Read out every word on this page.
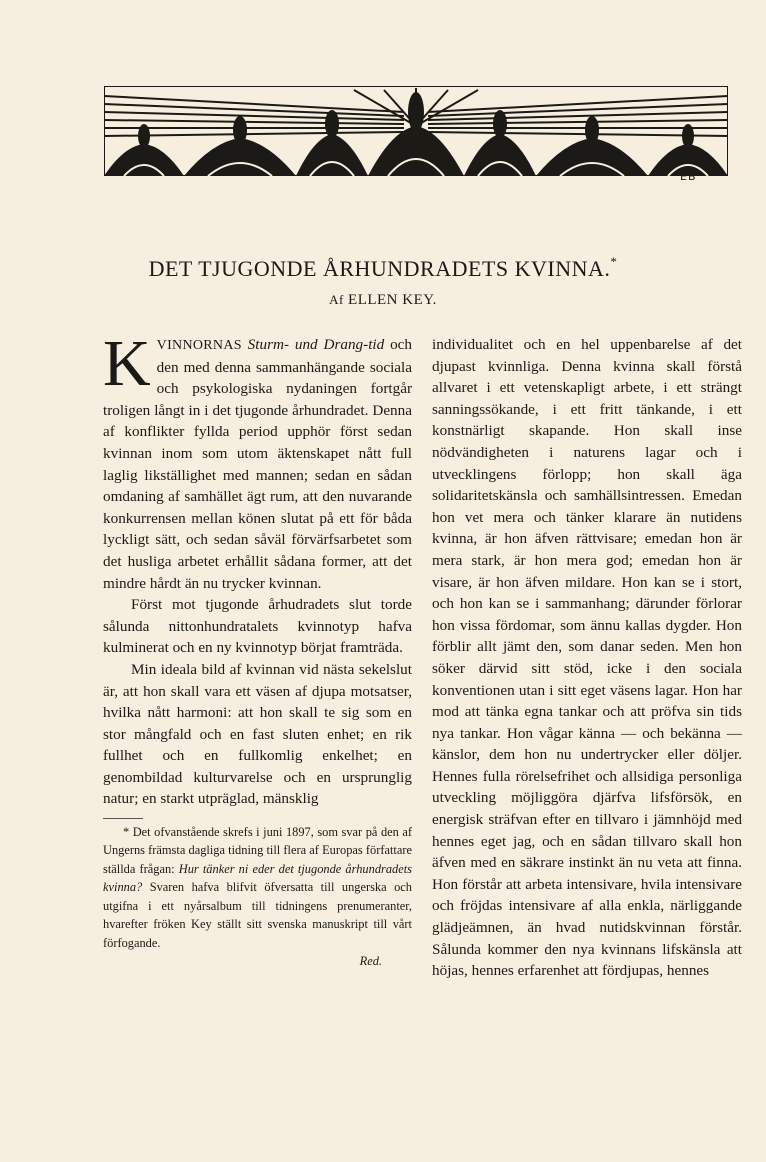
EB
DET TJUGONDE ÅRHUNDRADETS KVINNA.*
Af ELLEN KEY.

KVINNORNAS Sturm- und Drang-tid och den med denna sammanhängande sociala och psykologiska nydaningen fortgår troligen långt in i det tjugonde århundradet. Denna af konflikter fyllda period upphör först sedan kvinnan inom som utom äktenskapet nått full laglig likställighet med mannen; sedan en sådan omdaning af samhället ägt rum, att den nuvarande konkurrensen mellan könen slutat på ett för båda lyckligt sätt, och sedan såväl förvärfsarbetet som det husliga arbetet erhållit sådana former, att det mindre hårdt än nu trycker kvinnan.

Först mot tjugonde århudradets slut torde sålunda nittonhundratalets kvinnotyp hafva kulminerat och en ny kvinnotyp börjat framträda.

Min ideala bild af kvinnan vid nästa sekelslut är, att hon skall vara ett väsen af djupa motsatser, hvilka nått harmoni: att hon skall te sig som en stor mångfald och en fast sluten enhet; en rik fullhet och en fullkomlig enkelhet; en genombildad kulturvarelse och en ursprunglig natur; en starkt utpräglad, mänsklig

* Det ofvanstående skrefs i juni 1897, som svar på den af Ungerns främsta dagliga tidning till flera af Europas författare ställda frågan: Hur tänker ni eder det tjugonde århundradets kvinna? Svaren hafva blifvit öfversatta till ungerska och utgifna i ett nyårsalbum till tidningens prenumeranter, hvarefter fröken Key ställt sitt svenska manuskript till vårt förfogande.

Red.

individualitet och en hel uppenbarelse af det djupast kvinnliga. Denna kvinna skall förstå allvaret i ett vetenskapligt arbete, i ett strängt sanningssökande, i ett fritt tänkande, i ett konstnärligt skapande. Hon skall inse nödvändigheten i naturens lagar och i utvecklingens förlopp; hon skall äga solidaritetskänsla och samhällsintressen. Emedan hon vet mera och tänker klarare än nutidens kvinna, är hon äfven rättvisare; emedan hon är mera stark, är hon mera god; emedan hon är visare, är hon äfven mildare. Hon kan se i stort, och hon kan se i sammanhang; därunder förlorar hon vissa fördomar, som ännu kallas dygder. Hon förblir allt jämt den, som danar seden. Men hon söker därvid sitt stöd, icke i den sociala konventionen utan i sitt eget väsens lagar. Hon har mod att tänka egna tankar och att pröfva sin tids nya tankar. Hon vågar känna — och bekänna — känslor, dem hon nu undertrycker eller döljer. Hennes fulla rörelsefrihet och allsidiga personliga utveckling möjliggöra djärfva lifsförsök, en energisk sträfvan efter en tillvaro i jämnhöjd med hennes eget jag, och en sådan tillvaro skall hon äfven med en säkrare instinkt än nu veta att finna. Hon förstår att arbeta intensivare, hvila intensivare och fröjdas intensivare af alla enkla, närliggande glädjeämnen, än hvad nutidskvinnan förstår. Sålunda kommer den nya kvinnans lifskänsla att höjas, hennes erfarenhet att fördjupas, hennes
